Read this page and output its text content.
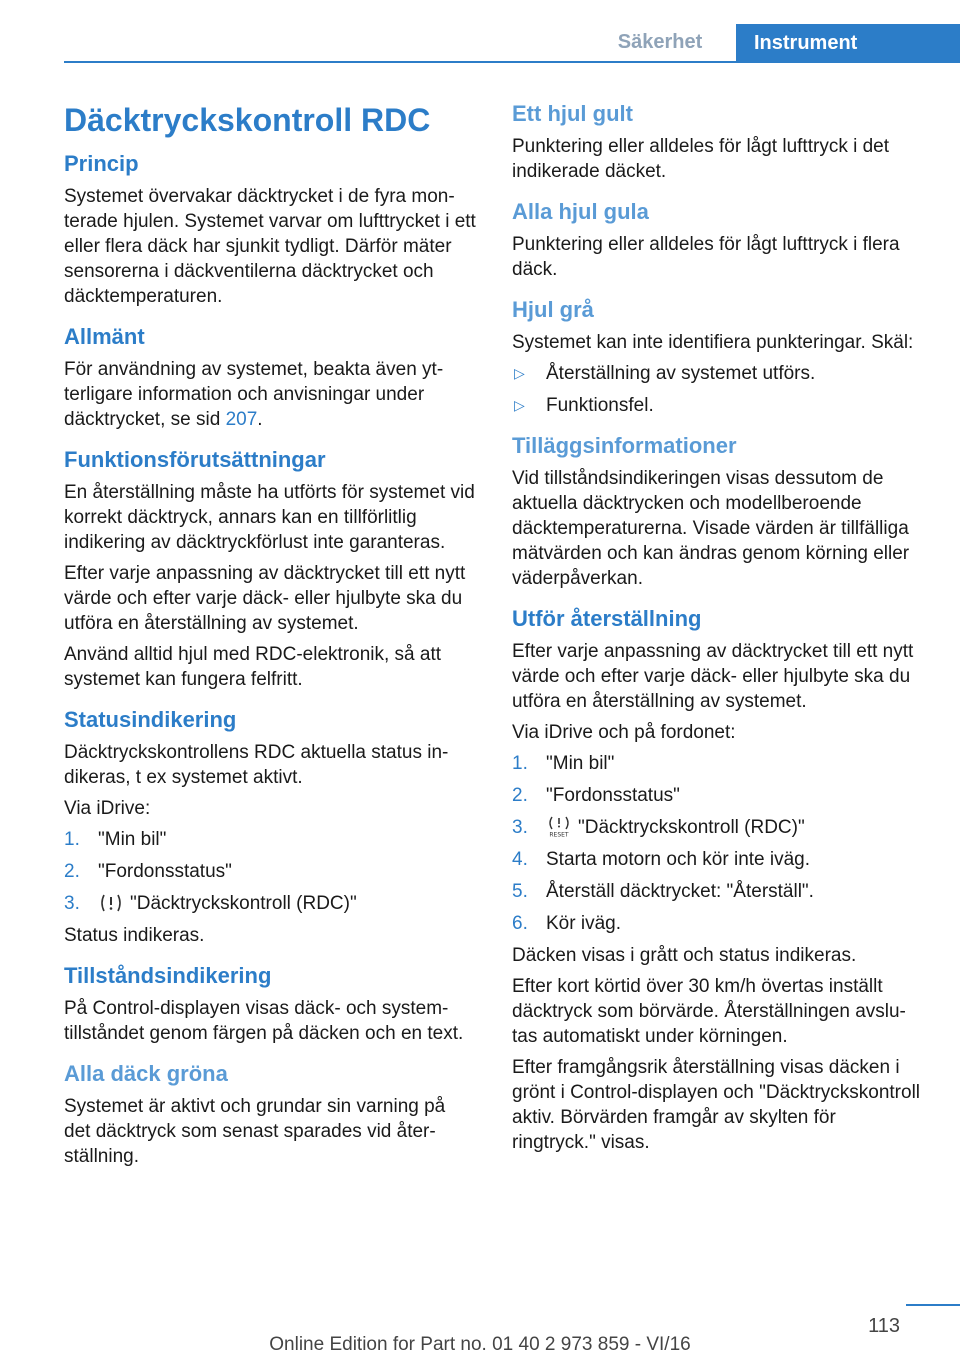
Säkerhet	Instrument
Däcktryckskontroll RDC
Princip
Systemet övervakar däcktrycket i de fyra mon-terade hjulen. Systemet varvar om lufttrycket i ett eller flera däck har sjunkit tydligt. Därför mäter sensorerna i däckventilerna däcktrycket och däcktemperaturen.
Allmänt
För användning av systemet, beakta även yt-terligare information och anvisningar under däcktrycket, se sid 207.
Funktionsförutsättningar
En återställning måste ha utförts för systemet vid korrekt däcktryck, annars kan en tillförlitlig indikering av däcktryckförlust inte garanteras.
Efter varje anpassning av däcktrycket till ett nytt värde och efter varje däck- eller hjulbyte ska du utföra en återställning av systemet.
Använd alltid hjul med RDC-elektronik, så att systemet kan fungera felfritt.
Statusindikering
Däcktryckskontrollens RDC aktuella status in-dikeras, t ex systemet aktivt.
Via iDrive:
1. "Min bil"
2. "Fordonsstatus"
3.	"Däcktryckskontroll (RDC)"
Status indikeras.
Tillståndsindikering
På Control-displayen visas däck- och system-tillståndet genom färgen på däcken och en text.
Alla däck gröna
Systemet är aktivt och grundar sin varning på det däcktryck som senast sparades vid åter-ställning.
Ett hjul gult
Punktering eller alldeles för lågt lufttryck i det indikerade däcket.
Alla hjul gula
Punktering eller alldeles för lågt lufttryck i flera däck.
Hjul grå
Systemet kan inte identifiera punkteringar. Skäl:
▷ Återställning av systemet utförs.
▷ Funktionsfel.
Tilläggsinformationer
Vid tillståndsindikeringen visas dessutom de aktuella däcktrycken och modellberoende däcktemperaturerna. Visade värden är tillfälliga mätvärden och kan ändras genom körning eller väderpåverkan.
Utför återställning
Efter varje anpassning av däcktrycket till ett nytt värde och efter varje däck- eller hjulbyte ska du utföra en återställning av systemet.
Via iDrive och på fordonet:
1. "Min bil"
2. "Fordonsstatus"
3.	RESET "Däcktryckskontroll (RDC)"
4. Starta motorn och kör inte iväg.
5. Återställ däcktrycket: "Återställ".
6. Kör iväg.
Däcken visas i grått och status indikeras.
Efter kort körtid över 30 km/h övertas inställt däcktryck som börvärde. Återställningen avslu-tas automatiskt under körningen.
Efter framgångsrik återställning visas däcken i grönt i Control-displayen och "Däcktryckskontroll aktiv. Börvärden framgår av skylten för ringtryck." visas.
113
Online Edition for Part no. 01 40 2 973 859 - VI/16
